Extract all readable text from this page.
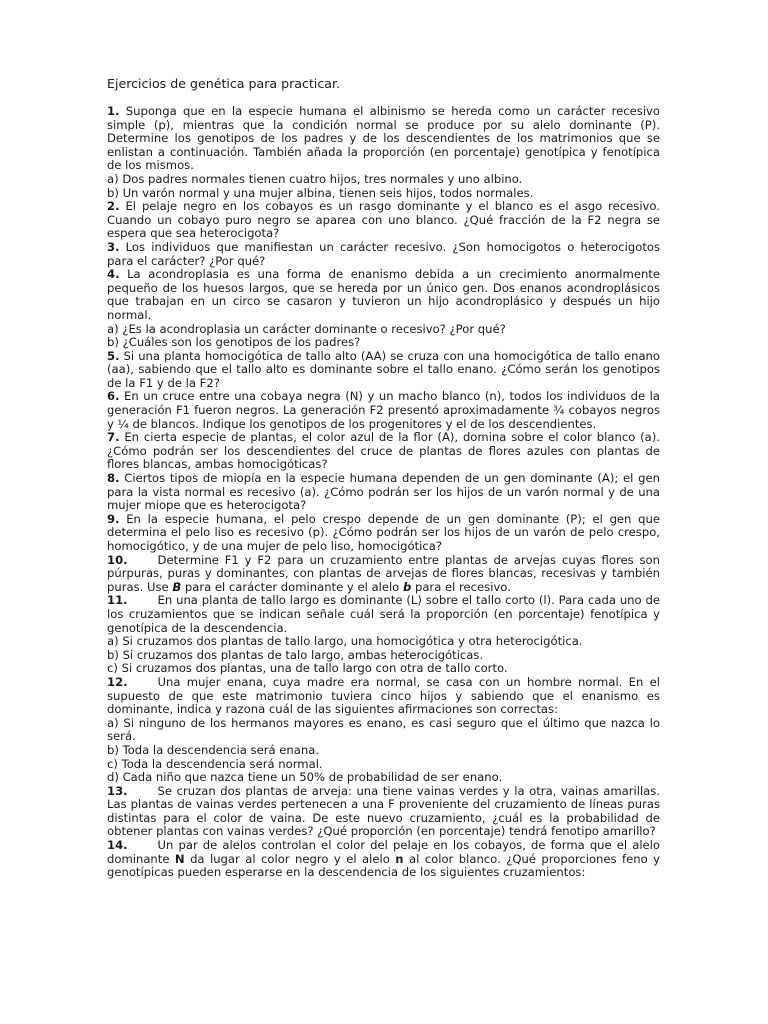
Ejercicios de genética para practicar.

1. Suponga que en la especie humana el albinismo se hereda como un carácter recesivo simple (p), mientras que la condición normal se produce por su alelo dominante (P). Determine los genotipos de los padres y de los descendientes de los matrimonios que se enlistan a continuación. También añada la proporción (en porcentaje) genotípica y fenotípica de los mismos.

a) Dos padres normales tienen cuatro hijos, tres normales y uno albino.

b) Un varón normal y una mujer albina, tienen seis hijos, todos normales.

2. El pelaje negro en los cobayos es un rasgo dominante y el blanco es el asgo recesivo. Cuando un cobayo puro negro se aparea con uno blanco. ¿Qué fracción de la F2 negra se espera que sea heterocigota?

3. Los individuos que manifiestan un carácter recesivo. ¿Son homocigotos o heterocigotos para el carácter? ¿Por qué?

4. La acondroplasia es una forma de enanismo debida a un crecimiento anormalmente pequeño de los huesos largos, que se hereda por un único gen. Dos enanos acondroplásicos que trabajan en un circo se casaron y tuvieron un hijo acondroplásico y después un hijo normal.

a) ¿Es la acondroplasia un carácter dominante o recesivo? ¿Por qué?

b) ¿Cuáles son los genotipos de los padres?

5. Si una planta homocigótica de tallo alto (AA) se cruza con una homocigótica de tallo enano (aa), sabiendo que el tallo alto es dominante sobre el tallo enano. ¿Cómo serán los genotipos de la F1 y de la F2?

6. En un cruce entre una cobaya negra (N) y un macho blanco (n), todos los individuos de la generación F1 fueron negros. La generación F2 presentó aproximadamente ¾ cobayos negros y ¼ de blancos. Indique los genotipos de los progenitores y el de los descendientes.

7. En cierta especie de plantas, el color azul de la flor (A), domina sobre el color blanco (a). ¿Cómo podrán ser los descendientes del cruce de plantas de flores azules con plantas de flores blancas, ambas homocigóticas?

8. Ciertos tipos de miopía en la especie humana dependen de un gen dominante (A); el gen para la vista normal es recesivo (a). ¿Cómo podrán ser los hijos de un varón normal y de una mujer miope que es heterocigota?

9. En la especie humana, el pelo crespo depende de un gen dominante (P); el gen que determina el pelo liso es recesivo (p). ¿Cómo podrán ser los hijos de un varón de pelo crespo, homocigótico, y de una mujer de pelo liso, homocigótica?

10.	Determine F1 y F2 para un cruzamiento entre plantas de arvejas cuyas flores son púrpuras, puras y dominantes, con plantas de arvejas de flores blancas, recesivas y también puras. Use B para el carácter dominante y el alelo b para el recesivo.

11.	En una planta de tallo largo es dominante (L) sobre el tallo corto (l). Para cada uno de los cruzamientos que se indican señale cuál será la proporción (en porcentaje) fenotípica y genotípica de la descendencia.

a) Si cruzamos dos plantas de tallo largo, una homocigótica y otra heterocigótica.

b) Si cruzamos dos plantas de talo largo, ambas heterocigóticas.

c) Si cruzamos dos plantas, una de tallo largo con otra de tallo corto.

12.	Una mujer enana, cuya madre era normal, se casa con un hombre normal. En el supuesto de que este matrimonio tuviera cinco hijos y sabiendo que el enanismo es dominante, indica y razona cuál de las siguientes afirmaciones son correctas:

a) Si ninguno de los hermanos mayores es enano, es casi seguro que el último que nazca lo será.

b) Toda la descendencia será enana.

c) Toda la descendencia será normal.

d) Cada niño que nazca tiene un 50% de probabilidad de ser enano.

13.	Se cruzan dos plantas de arveja: una tiene vainas verdes y la otra, vainas amarillas. Las plantas de vainas verdes pertenecen a una F proveniente del cruzamiento de líneas puras distintas para el color de vaina. De este nuevo cruzamiento, ¿cuál es la probabilidad de obtener plantas con vainas verdes? ¿Qué proporción (en porcentaje) tendrá fenotipo amarillo?

14.	Un par de alelos controlan el color del pelaje en los cobayos, de forma que el alelo dominante N da lugar al color negro y el alelo n al color blanco. ¿Qué proporciones feno y genotípicas pueden esperarse en la descendencia de los siguientes cruzamientos:
